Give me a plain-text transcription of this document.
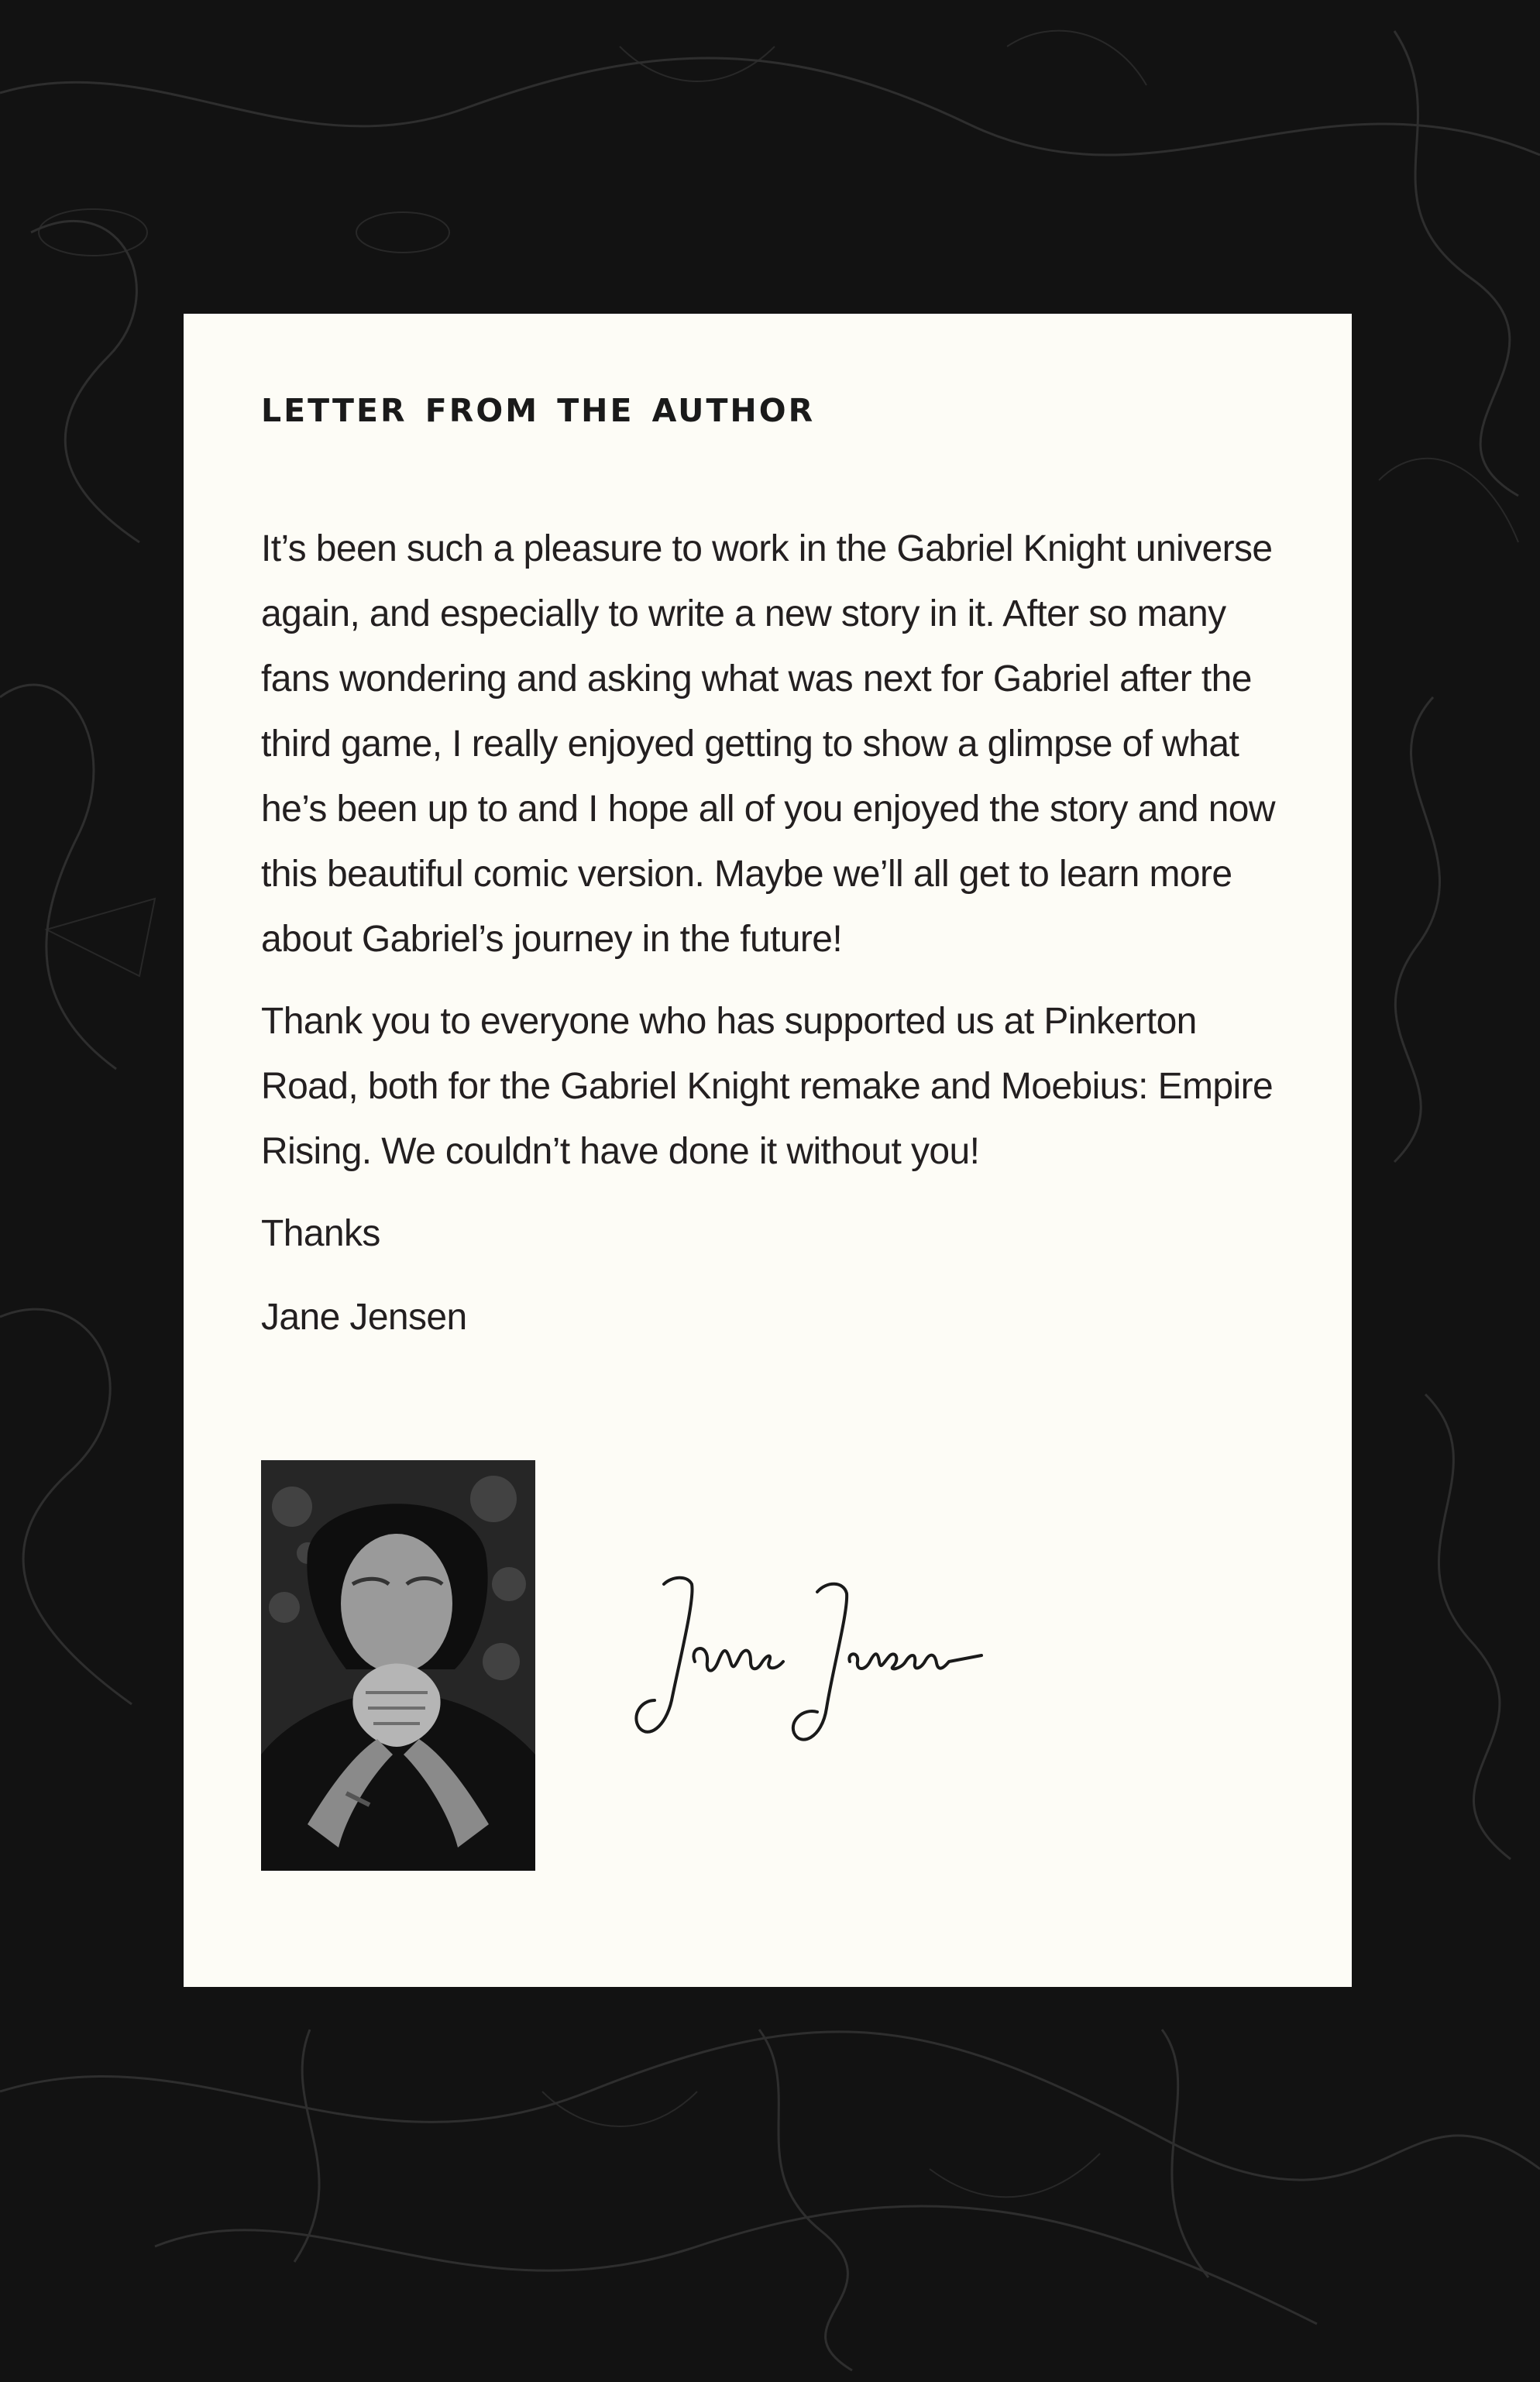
letter from the author

It’s been such a pleasure to work in the Gabriel Knight universe again, and especially to write a new story in it. After so many fans wondering and asking what was next for Gabriel after the third game, I really enjoyed getting to show a glimpse of what he’s been up to and I hope all of you enjoyed the story and now this beautiful comic version. Maybe we’ll all get to learn more about Gabriel’s journey in the future!

Thank you to everyone who has supported us at Pinkerton Road, both for the Gabriel Knight remake and Moebius: Empire Rising. We couldn’t have done it without you!

Thanks

Jane Jensen
